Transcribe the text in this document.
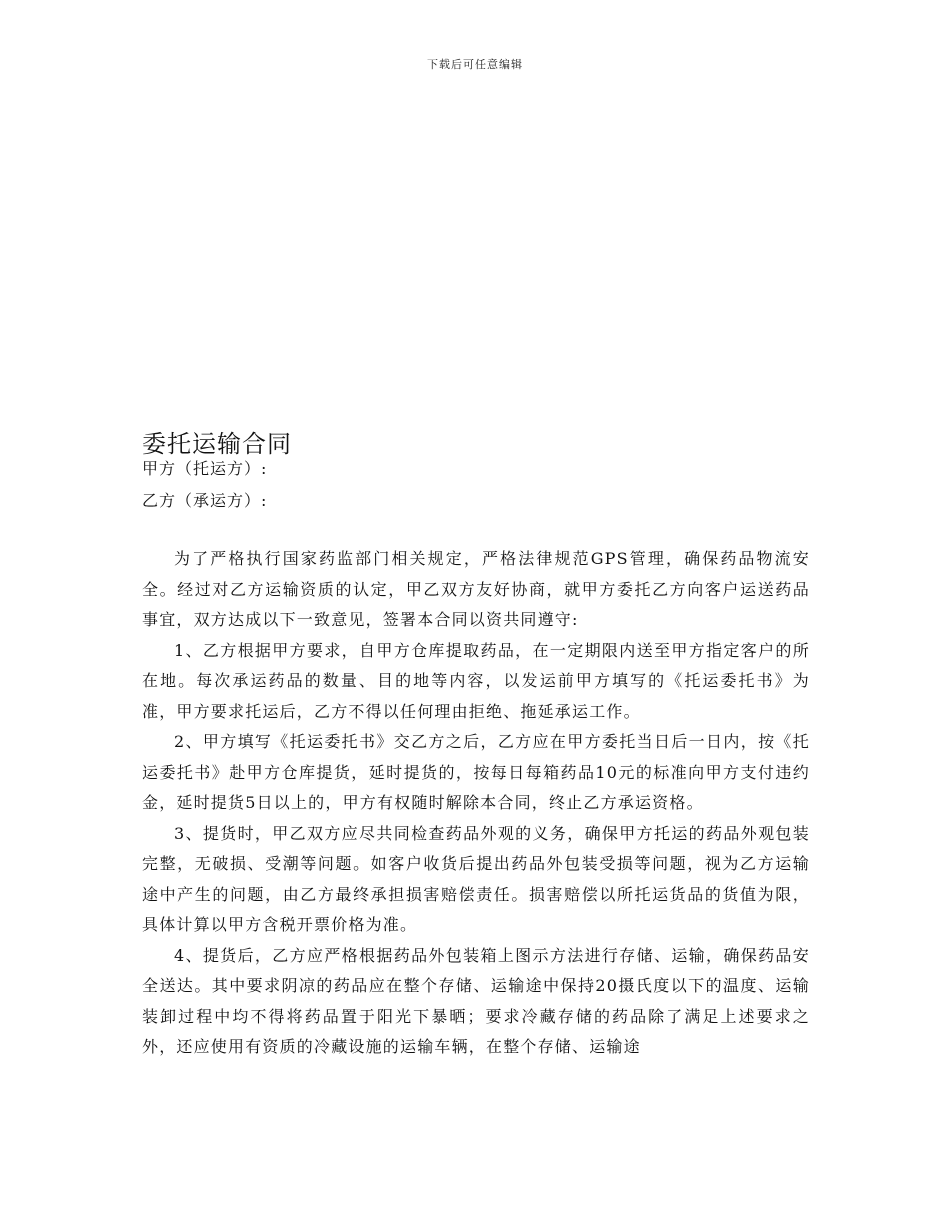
下载后可任意编辑
委托运输合同
甲方（托运方）:
乙方（承运方）:

为了严格执行国家药监部门相关规定，严格法律规范GPS管理，确保药品物流安全。经过对乙方运输资质的认定，甲乙双方友好协商，就甲方委托乙方向客户运送药品事宜，双方达成以下一致意见，签署本合同以资共同遵守:

1、乙方根据甲方要求，自甲方仓库提取药品，在一定期限内送至甲方指定客户的所在地。每次承运药品的数量、目的地等内容，以发运前甲方填写的《托运委托书》为准，甲方要求托运后，乙方不得以任何理由拒绝、拖延承运工作。

2、甲方填写《托运委托书》交乙方之后，乙方应在甲方委托当日后一日内，按《托运委托书》赴甲方仓库提货，延时提货的，按每日每箱药品10元的标准向甲方支付违约金，延时提货5日以上的，甲方有权随时解除本合同，终止乙方承运资格。

3、提货时，甲乙双方应尽共同检查药品外观的义务，确保甲方托运的药品外观包装完整，无破损、受潮等问题。如客户收货后提出药品外包装受损等问题，视为乙方运输途中产生的问题，由乙方最终承担损害赔偿责任。损害赔偿以所托运货品的货值为限，具体计算以甲方含税开票价格为准。

4、提货后，乙方应严格根据药品外包装箱上图示方法进行存储、运输，确保药品安全送达。其中要求阴凉的药品应在整个存储、运输途中保持20摄氏度以下的温度、运输装卸过程中均不得将药品置于阳光下暴晒；要求冷藏存储的药品除了满足上述要求之外，还应使用有资质的冷藏设施的运输车辆，在整个存储、运输途
